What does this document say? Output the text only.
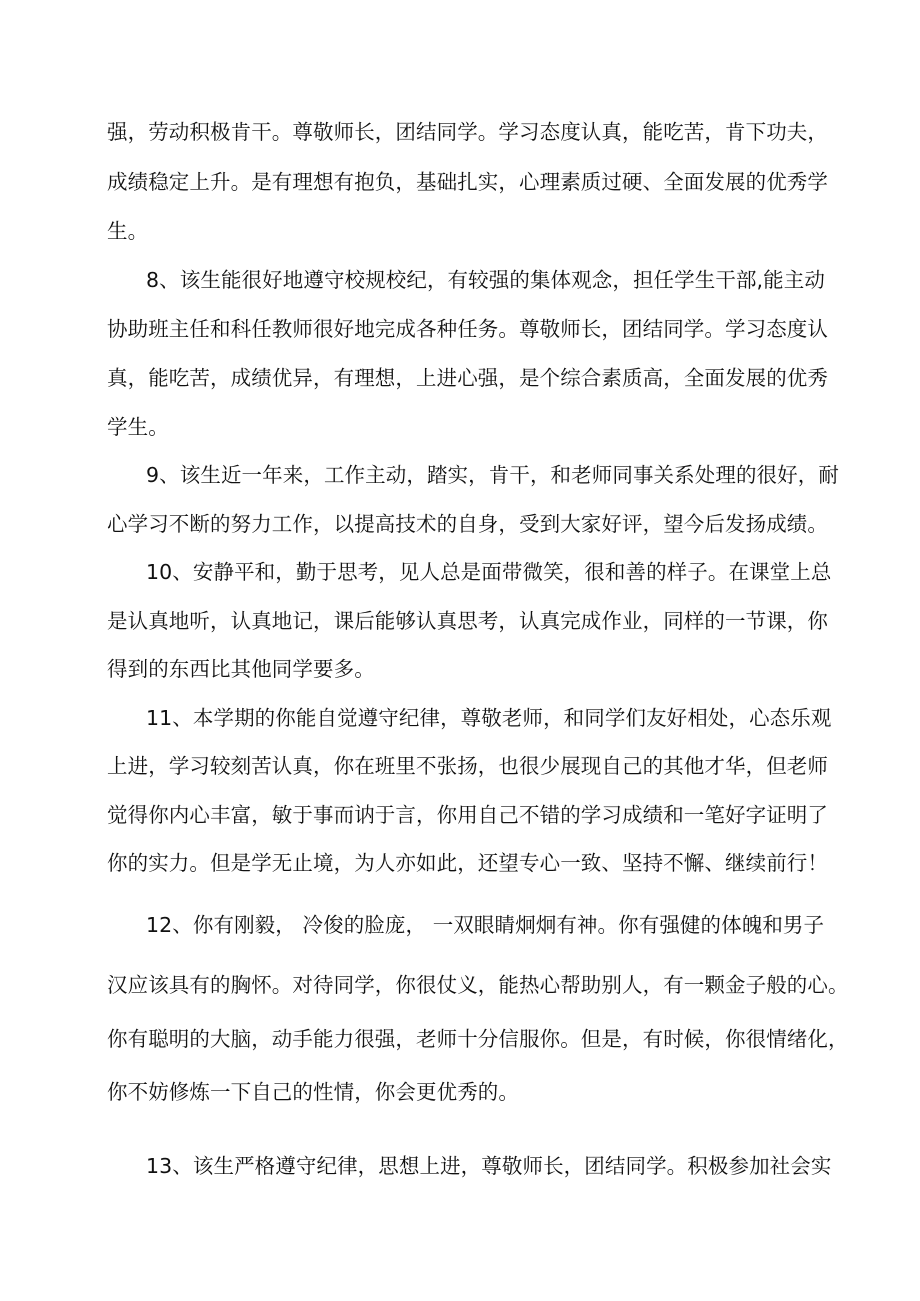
强，劳动积极肯干。尊敬师长，团结同学。学习态度认真，能吃苦，肯下功夫，
成绩稳定上升。是有理想有抱负，基础扎实，心理素质过硬、全面发展的优秀学
生。
8、该生能很好地遵守校规校纪，有较强的集体观念，担任学生干部,能主动
协助班主任和科任教师很好地完成各种任务。尊敬师长，团结同学。学习态度认
真，能吃苦，成绩优异，有理想，上进心强，是个综合素质高，全面发展的优秀
学生。
9、该生近一年来，工作主动，踏实，肯干，和老师同事关系处理的很好，耐
心学习不断的努力工作，以提高技术的自身，受到大家好评，望今后发扬成绩。
10、安静平和，勤于思考，见人总是面带微笑，很和善的样子。在课堂上总
是认真地听，认真地记，课后能够认真思考，认真完成作业，同样的一节课，你
得到的东西比其他同学要多。
11、本学期的你能自觉遵守纪律，尊敬老师，和同学们友好相处，心态乐观
上进，学习较刻苦认真，你在班里不张扬，也很少展现自己的其他才华，但老师
觉得你内心丰富，敏于事而讷于言，你用自己不错的学习成绩和一笔好字证明了
你的实力。但是学无止境，为人亦如此，还望专心一致、坚持不懈、继续前行！
12、你有刚毅， 冷俊的脸庞， 一双眼睛炯炯有神。你有强健的体魄和男子
汉应该具有的胸怀。对待同学，你很仗义，能热心帮助别人，有一颗金子般的心。
你有聪明的大脑，动手能力很强，老师十分信服你。但是，有时候，你很情绪化，
你不妨修炼一下自己的性情，你会更优秀的。
13、该生严格遵守纪律，思想上进，尊敬师长，团结同学。积极参加社会实
